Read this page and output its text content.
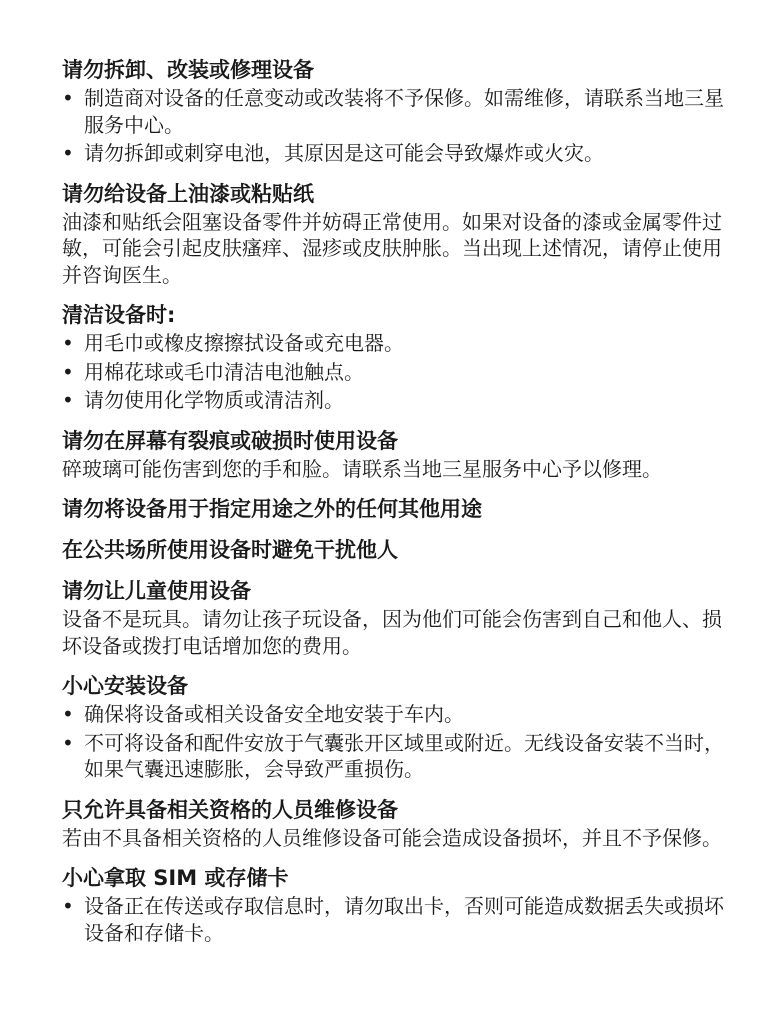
请勿拆卸、改装或修理设备
• 制造商对设备的任意变动或改装将不予保修。如需维修，请联系当地三星服务中心。
• 请勿拆卸或刺穿电池，其原因是这可能会导致爆炸或火灾。
请勿给设备上油漆或粘贴纸

油漆和贴纸会阻塞设备零件并妨碍正常使用。如果对设备的漆或金属零件过敏，可能会引起皮肤瘙痒、湿疹或皮肤肿胀。当出现上述情况，请停止使用并咨询医生。

清洁设备时:
• 用毛巾或橡皮擦擦拭设备或充电器。
• 用棉花球或毛巾清洁电池触点。
• 请勿使用化学物质或清洁剂。
请勿在屏幕有裂痕或破损时使用设备

碎玻璃可能伤害到您的手和脸。请联系当地三星服务中心予以修理。

请勿将设备用于指定用途之外的任何其他用途
在公共场所使用设备时避免干扰他人
请勿让儿童使用设备

设备不是玩具。请勿让孩子玩设备，因为他们可能会伤害到自己和他人、损坏设备或拨打电话增加您的费用。

小心安装设备
• 确保将设备或相关设备安全地安装于车内。
• 不可将设备和配件安放于气囊张开区域里或附近。无线设备安装不当时，如果气囊迅速膨胀，会导致严重损伤。
只允许具备相关资格的人员维修设备

若由不具备相关资格的人员维修设备可能会造成设备损坏，并且不予保修。

小心拿取 SIM 或存储卡
• 设备正在传送或存取信息时，请勿取出卡，否则可能造成数据丢失或损坏设备和存储卡。
